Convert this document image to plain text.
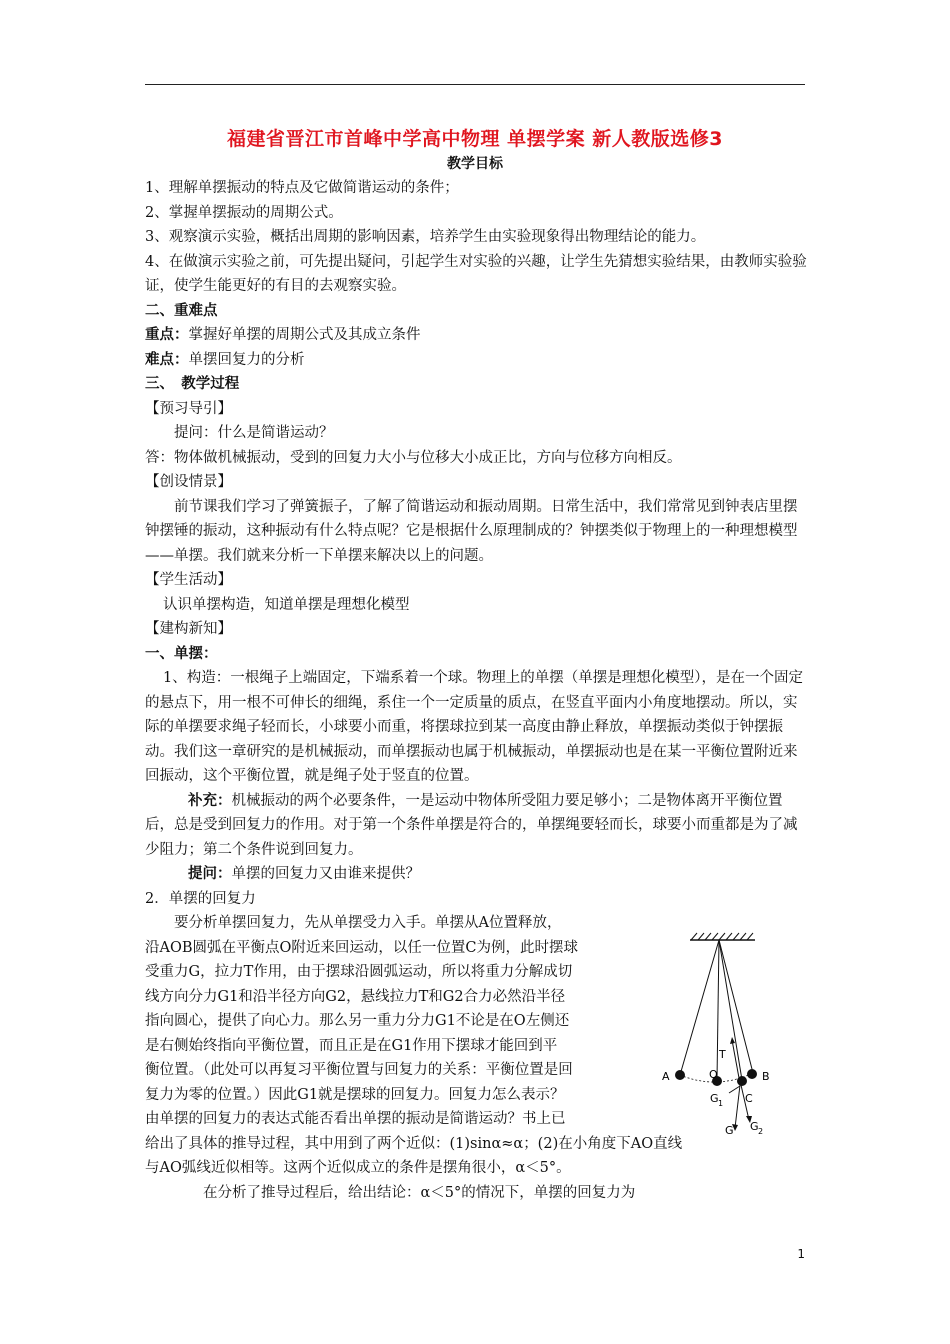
福建省晋江市首峰中学高中物理 单摆学案 新人教版选修3
教学目标

1、理解单摆振动的特点及它做简谐运动的条件；

2、掌握单摆振动的周期公式。

3、观察演示实验，概括出周期的影响因素，培养学生由实验现象得出物理结论的能力。

4、在做演示实验之前，可先提出疑问，引起学生对实验的兴趣，让学生先猜想实验结果，由教师实验验证，使学生能更好的有目的去观察实验。

二、重难点

重点：掌握好单摆的周期公式及其成立条件

难点：单摆回复力的分析

三、　教学过程

【预习导引】

提问：什么是简谐运动？

答：物体做机械振动，受到的回复力大小与位移大小成正比，方向与位移方向相反。

【创设情景】

前节课我们学习了弹簧振子，了解了简谐运动和振动周期。日常生活中，我们常常见到钟表店里摆钟摆锤的振动，这种振动有什么特点呢？它是根据什么原理制成的？钟摆类似于物理上的一种理想模型——单摆。我们就来分析一下单摆来解决以上的问题。

【学生活动】

认识单摆构造，知道单摆是理想化模型

【建构新知】

一、单摆：

1、构造：一根绳子上端固定，下端系着一个球。物理上的单摆（单摆是理想化模型），是在一个固定的悬点下，用一根不可伸长的细绳，系住一个一定质量的质点，在竖直平面内小角度地摆动。所以，实际的单摆要求绳子轻而长，小球要小而重，将摆球拉到某一高度由静止释放，单摆振动类似于钟摆振动。我们这一章研究的是机械振动，而单摆振动也属于机械振动，单摆振动也是在某一平衡位置附近来回振动，这个平衡位置，就是绳子处于竖直的位置。

补充：机械振动的两个必要条件，一是运动中物体所受阻力要足够小；二是物体离开平衡位置后，总是受到回复力的作用。对于第一个条件单摆是符合的，单摆绳要轻而长，球要小而重都是为了减少阻力；第二个条件说到回复力。

提问：单摆的回复力又由谁来提供？

2．单摆的回复力

要分析单摆回复力，先从单摆受力入手。单摆从A位置释放，

沿AOB圆弧在平衡点O附近来回运动，以任一位置C为例，此时摆球

受重力G，拉力T作用，由于摆球沿圆弧运动，所以将重力分解成切

线方向分力G1和沿半径方向G2，悬线拉力T和G2合力必然沿半径

指向圆心，提供了向心力。那么另一重力分力G1不论是在O左侧还

是右侧始终指向平衡位置，而且正是在G1作用下摆球才能回到平

衡位置。（此处可以再复习平衡位置与回复力的关系：平衡位置是回

复力为零的位置。）因此G1就是摆球的回复力。回复力怎么表示？

由单摆的回复力的表达式能否看出单摆的振动是简谐运动？书上已

给出了具体的推导过程，其中用到了两个近似：(1)sinα≈α；(2)在小角度下AO直线

与AO弧线近似相等。这两个近似成立的条件是摆角很小，α＜5°。

在分析了推导过程后，给出结论：α＜5°的情况下，单摆的回复力为

A	O	B
C
T
G 1
G G 2
1
